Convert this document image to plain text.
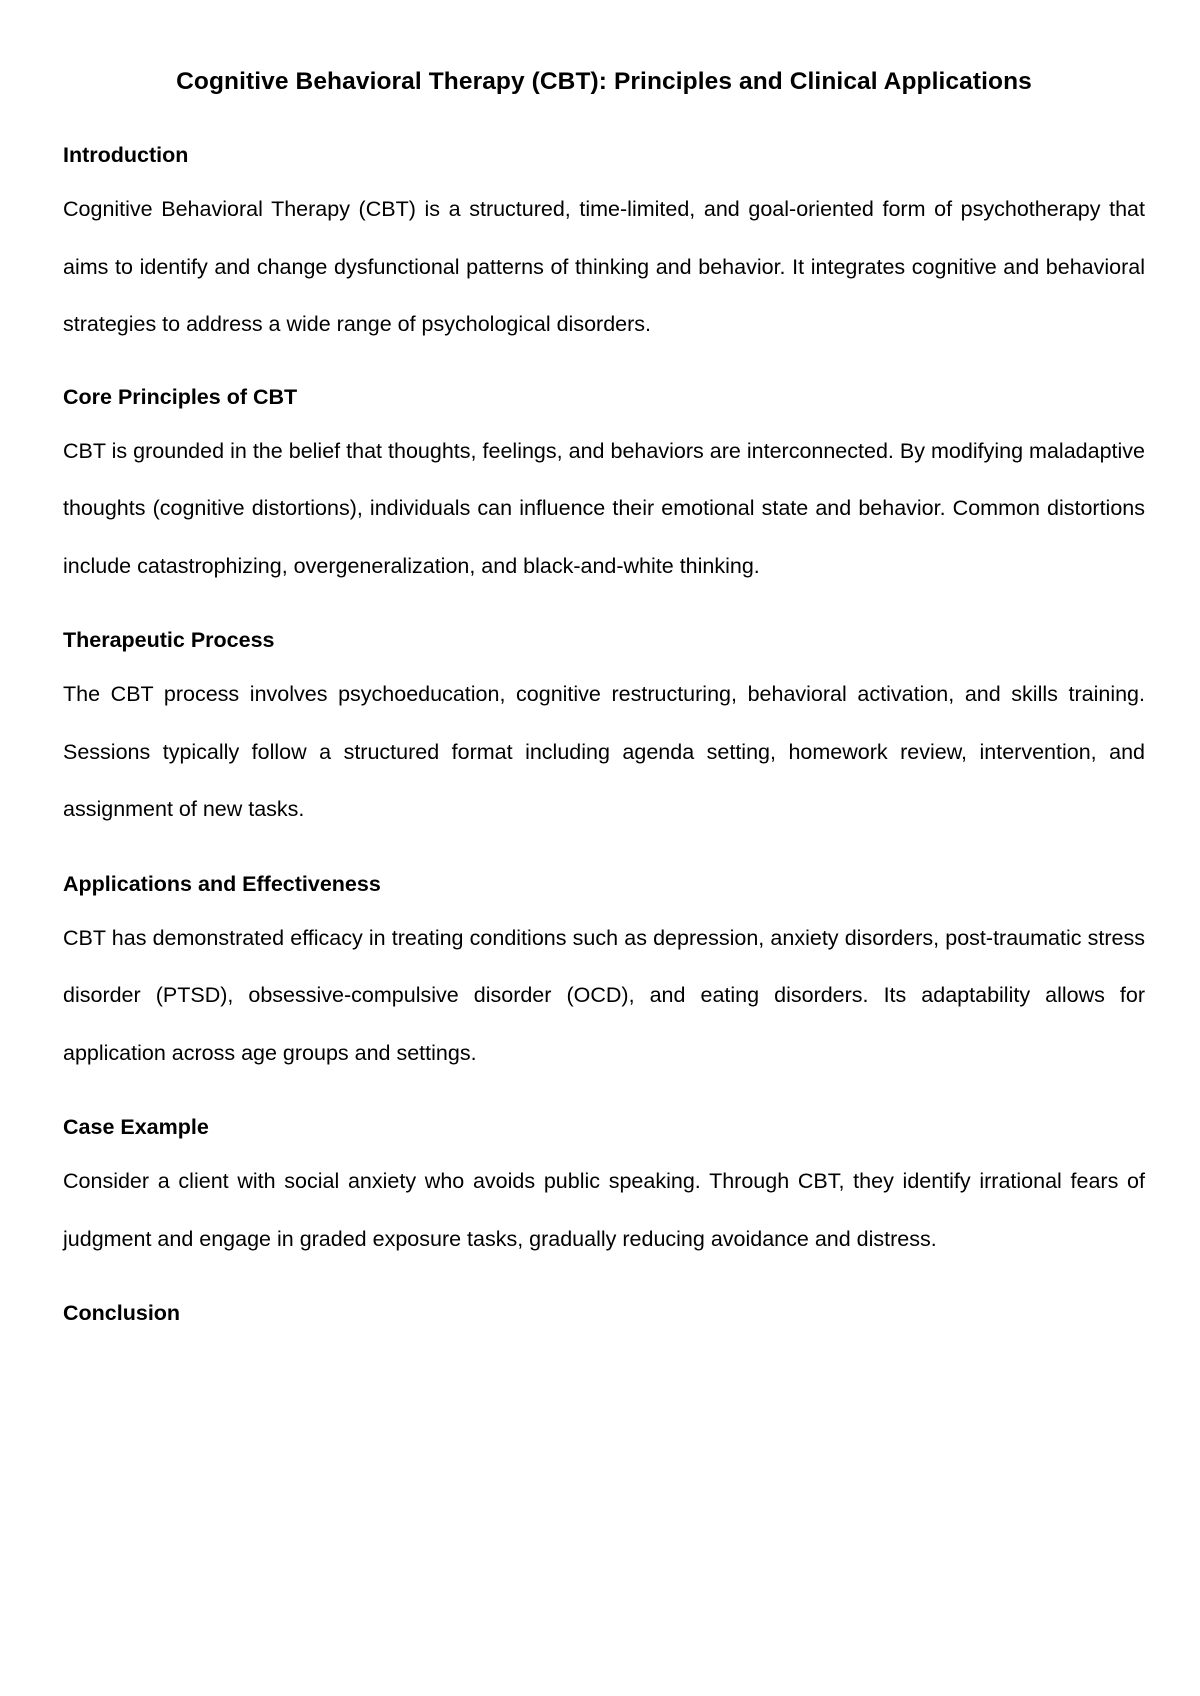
Cognitive Behavioral Therapy (CBT): Principles and Clinical Applications
Introduction

Cognitive Behavioral Therapy (CBT) is a structured, time-limited, and goal-oriented form of psychotherapy that aims to identify and change dysfunctional patterns of thinking and behavior. It integrates cognitive and behavioral strategies to address a wide range of psychological disorders.

Core Principles of CBT

CBT is grounded in the belief that thoughts, feelings, and behaviors are interconnected. By modifying maladaptive thoughts (cognitive distortions), individuals can influence their emotional state and behavior. Common distortions include catastrophizing, overgeneralization, and black-and-white thinking.

Therapeutic Process

The CBT process involves psychoeducation, cognitive restructuring, behavioral activation, and skills training. Sessions typically follow a structured format including agenda setting, homework review, intervention, and assignment of new tasks.

Applications and Effectiveness

CBT has demonstrated efficacy in treating conditions such as depression, anxiety disorders, post-traumatic stress disorder (PTSD), obsessive-compulsive disorder (OCD), and eating disorders. Its adaptability allows for application across age groups and settings.

Case Example

Consider a client with social anxiety who avoids public speaking. Through CBT, they identify irrational fears of judgment and engage in graded exposure tasks, gradually reducing avoidance and distress.

Conclusion
